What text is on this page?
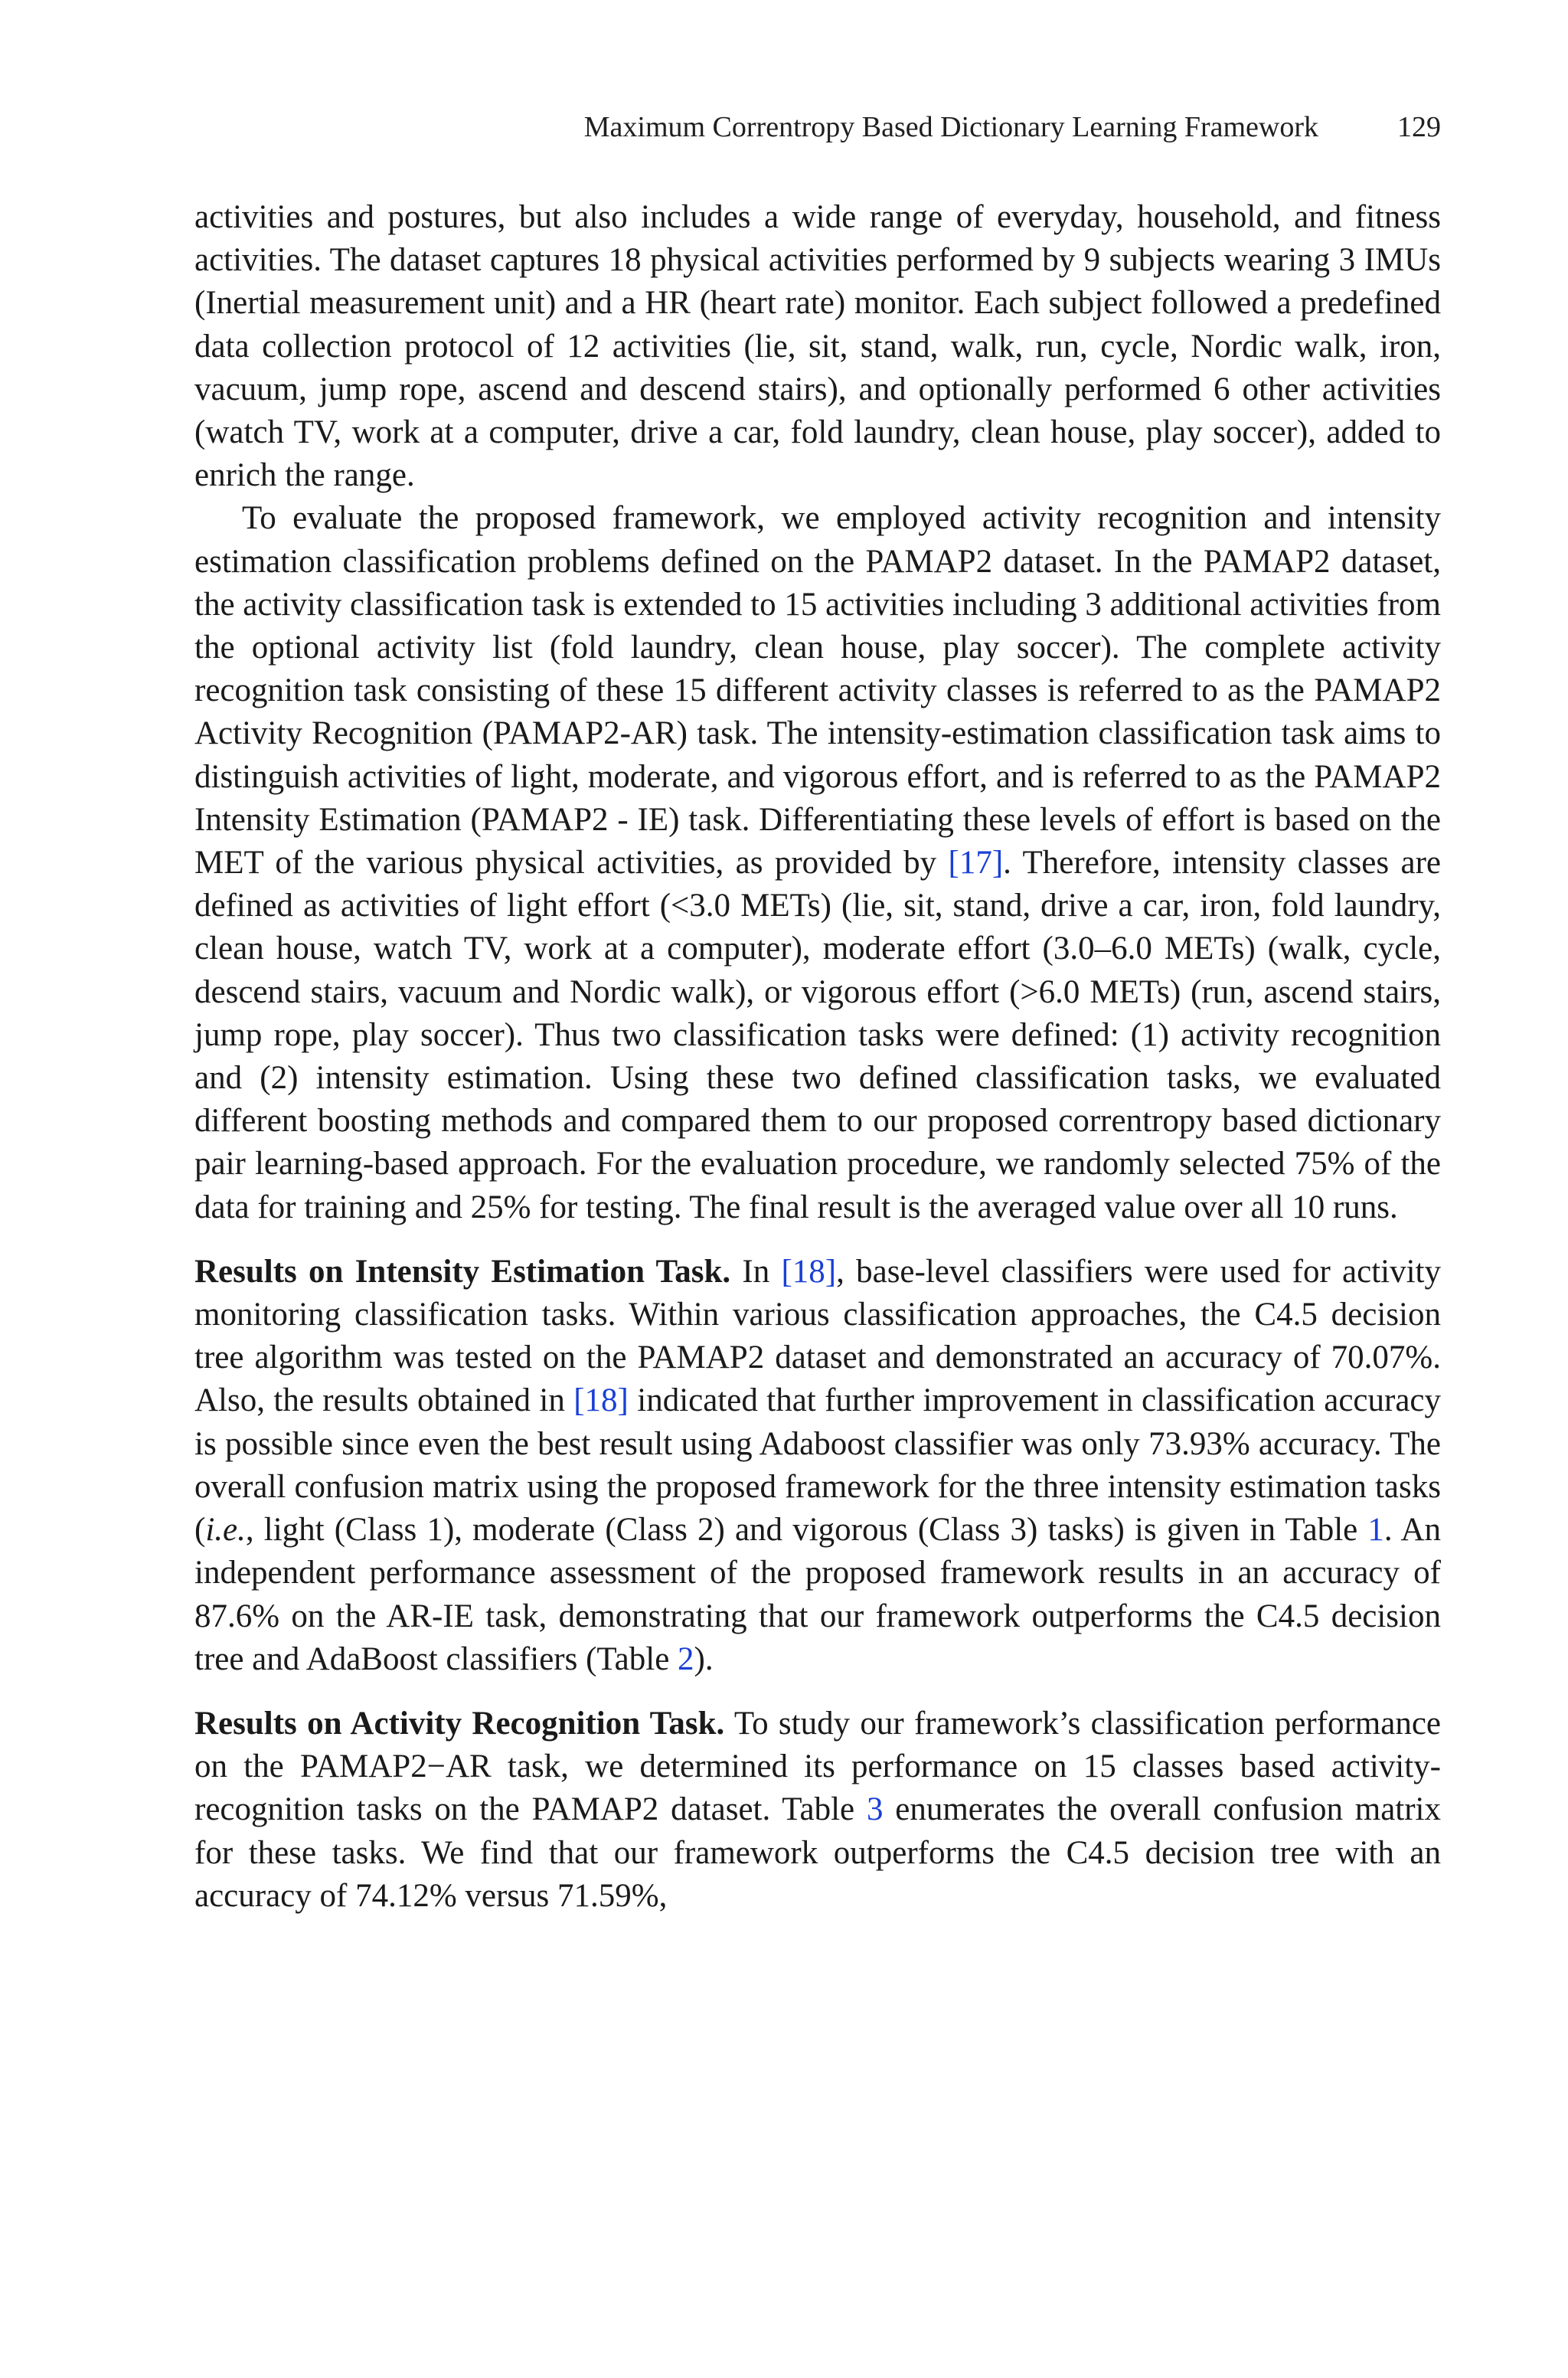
Maximum Correntropy Based Dictionary Learning Framework	129

activities and postures, but also includes a wide range of everyday, household, and fitness activities. The dataset captures 18 physical activities performed by 9 subjects wearing 3 IMUs (Inertial measurement unit) and a HR (heart rate) monitor. Each subject followed a predefined data collection protocol of 12 activities (lie, sit, stand, walk, run, cycle, Nordic walk, iron, vacuum, jump rope, ascend and descend stairs), and optionally performed 6 other activities (watch TV, work at a computer, drive a car, fold laundry, clean house, play soccer), added to enrich the range.

To evaluate the proposed framework, we employed activity recognition and intensity estimation classification problems defined on the PAMAP2 dataset. In the PAMAP2 dataset, the activity classification task is extended to 15 activities including 3 additional activities from the optional activity list (fold laundry, clean house, play soccer). The complete activity recognition task consisting of these 15 different activity classes is referred to as the PAMAP2 Activity Recognition (PAMAP2-AR) task. The intensity-estimation classification task aims to distinguish activities of light, moderate, and vigorous effort, and is referred to as the PAMAP2 Intensity Estimation (PAMAP2 - IE) task. Differentiating these levels of effort is based on the MET of the various physical activities, as provided by [17]. Therefore, intensity classes are defined as activities of light effort (<3.0 METs) (lie, sit, stand, drive a car, iron, fold laundry, clean house, watch TV, work at a computer), moderate effort (3.0–6.0 METs) (walk, cycle, descend stairs, vacuum and Nordic walk), or vigorous effort (>6.0 METs) (run, ascend stairs, jump rope, play soccer). Thus two classification tasks were defined: (1) activity recognition and (2) intensity estimation. Using these two defined classification tasks, we evaluated different boosting methods and compared them to our proposed correntropy based dictionary pair learning-based approach. For the evaluation procedure, we randomly selected 75% of the data for training and 25% for testing. The final result is the averaged value over all 10 runs.

Results on Intensity Estimation Task. In [18], base-level classifiers were used for activity monitoring classification tasks. Within various classification approaches, the C4.5 decision tree algorithm was tested on the PAMAP2 dataset and demonstrated an accuracy of 70.07%. Also, the results obtained in [18] indicated that further improvement in classification accuracy is possible since even the best result using Adaboost classifier was only 73.93% accuracy. The overall confusion matrix using the proposed framework for the three intensity estimation tasks (i.e., light (Class 1), moderate (Class 2) and vigorous (Class 3) tasks) is given in Table 1. An independent performance assessment of the proposed framework results in an accuracy of 87.6% on the AR-IE task, demonstrating that our framework outperforms the C4.5 decision tree and AdaBoost classifiers (Table 2).

Results on Activity Recognition Task. To study our framework’s classification performance on the PAMAP2−AR task, we determined its performance on 15 classes based activity-recognition tasks on the PAMAP2 dataset. Table 3 enumerates the overall confusion matrix for these tasks. We find that our framework outperforms the C4.5 decision tree with an accuracy of 74.12% versus 71.59%,
